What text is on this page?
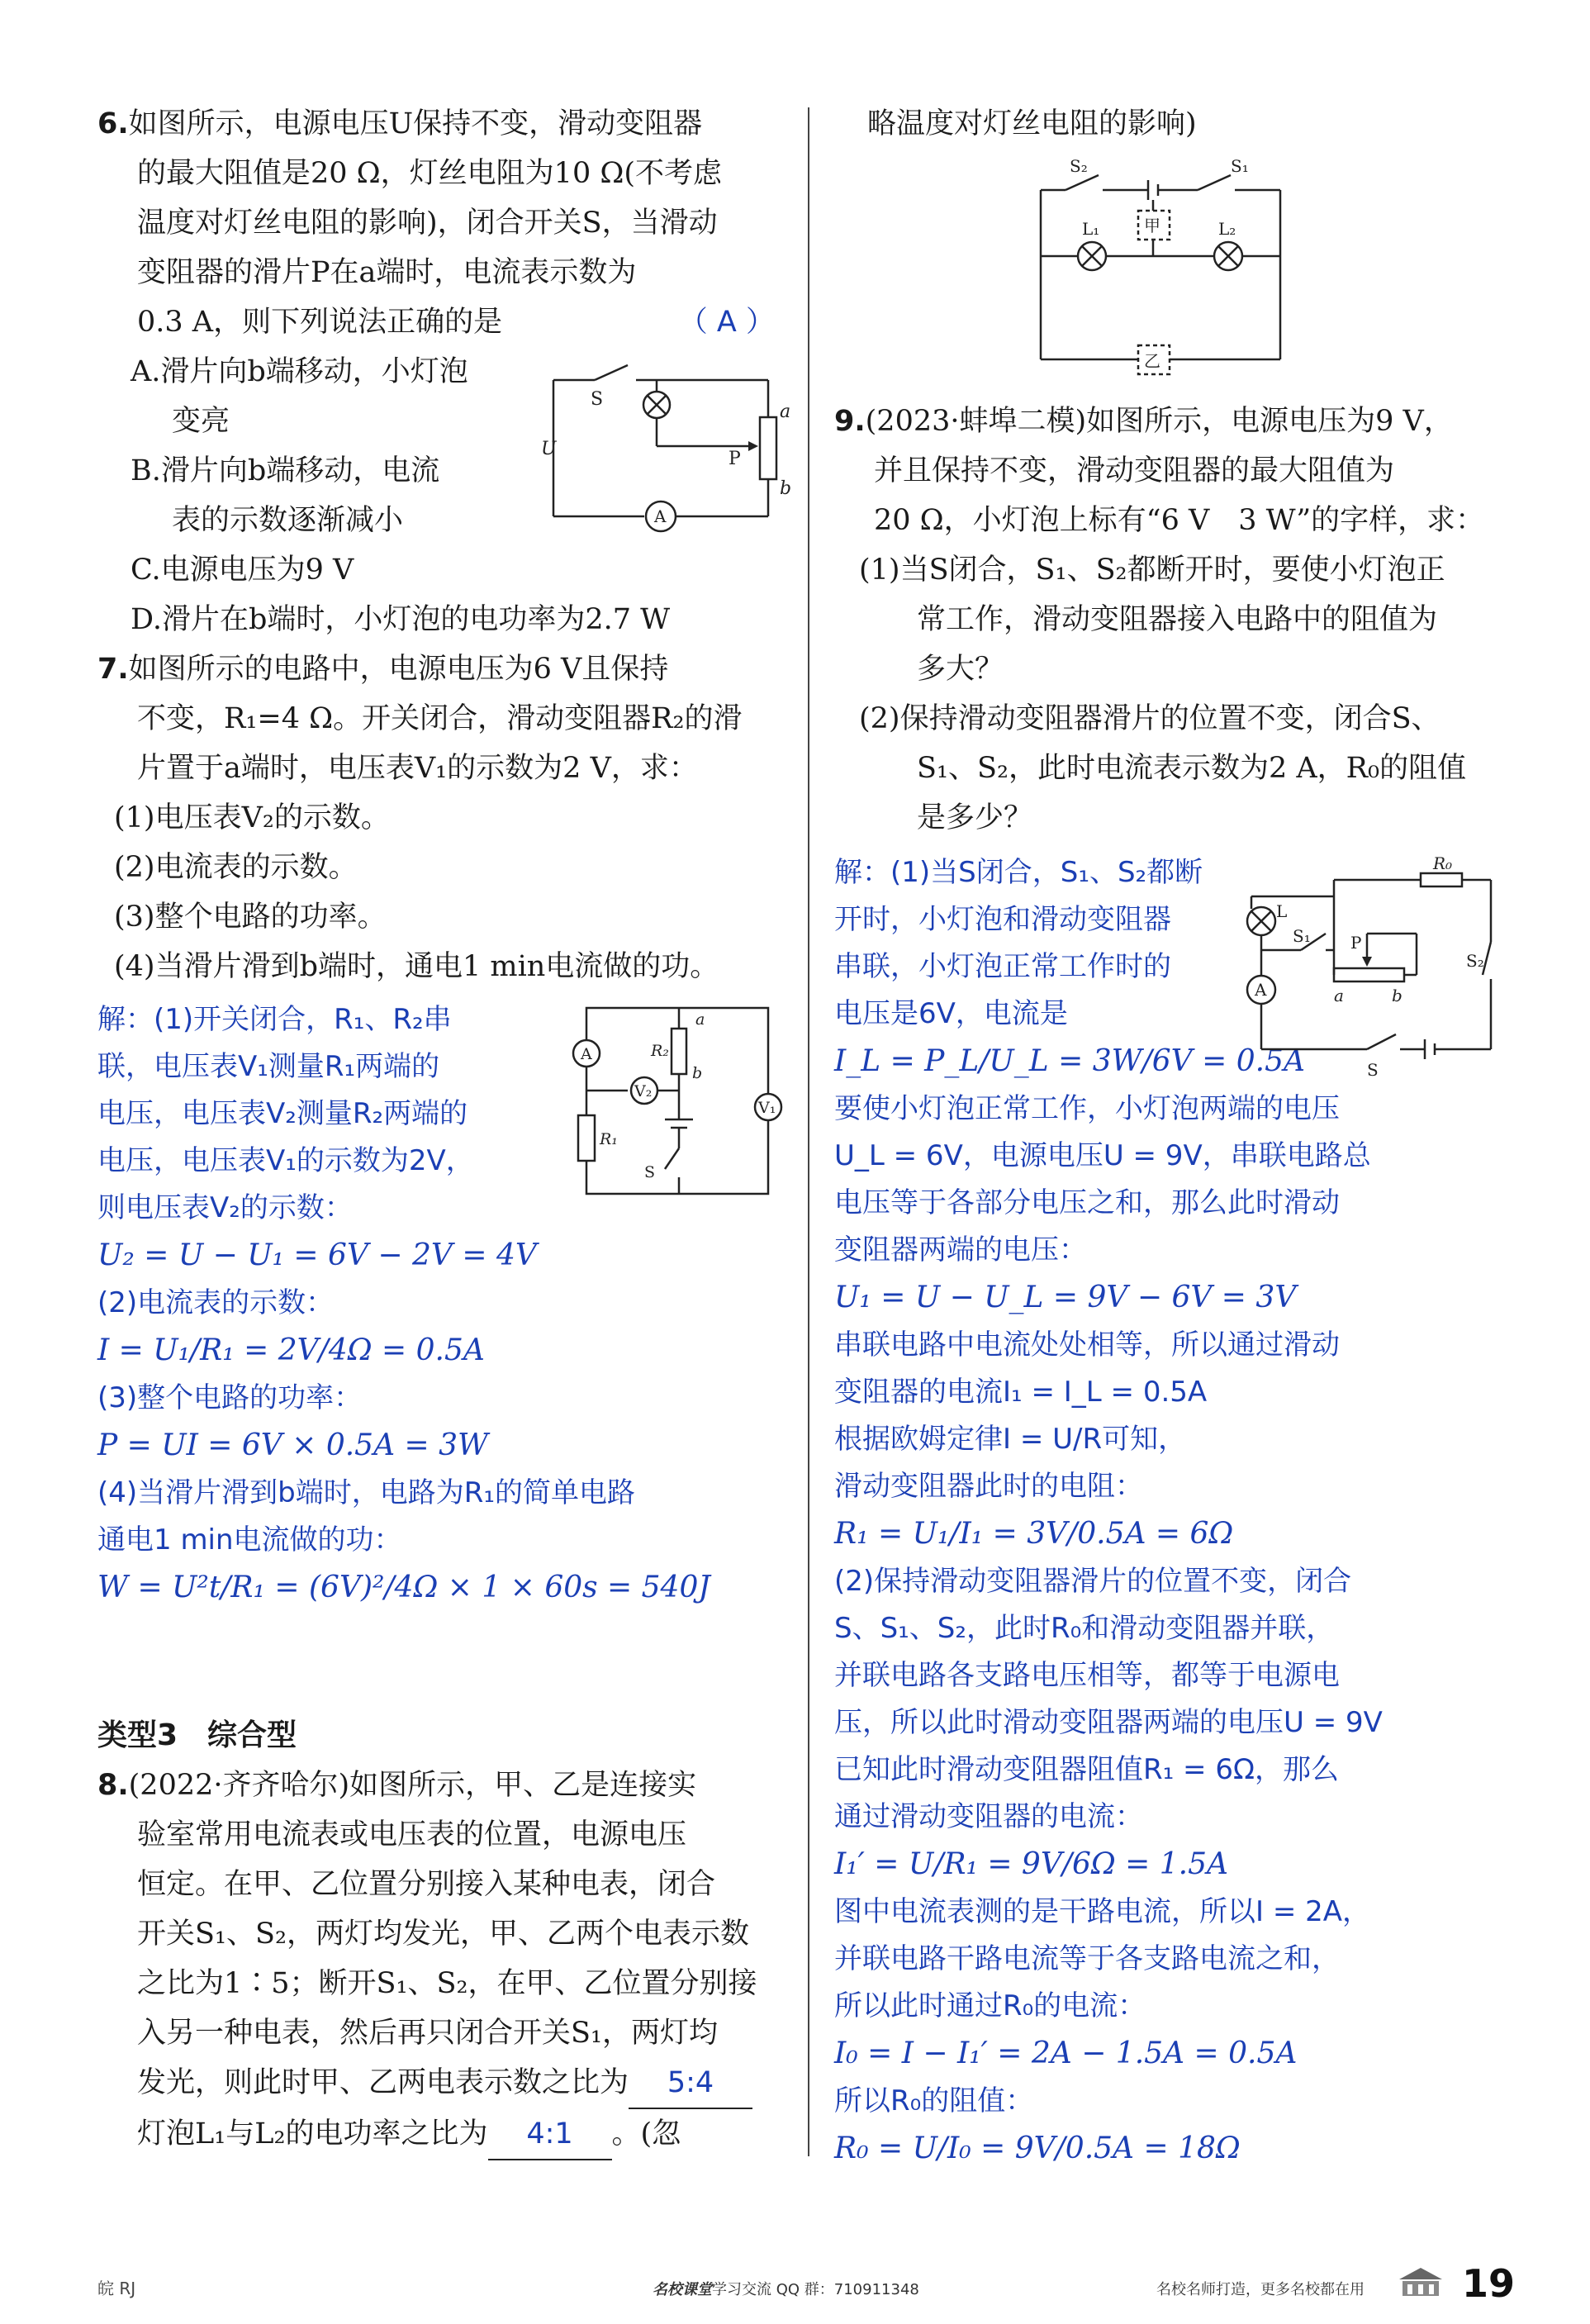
6.如图所示，电源电压U保持不变，滑动变阻器

的最大阻值是20 Ω，灯丝电阻为10 Ω(不考虑

温度对灯丝电阻的影响)，闭合开关S，当滑动

变阻器的滑片P在a端时，电流表示数为

0.3 A，则下列说法正确的是	（ A ）

A.滑片向b端移动，小灯泡

变亮

B.滑片向b端移动，电流

表的示数逐渐减小

C.电源电压为9 V

D.滑片在b端时，小灯泡的电功率为2.7 W

7.如图所示的电路中，电源电压为6 V且保持

不变，R₁=4 Ω。开关闭合，滑动变阻器R₂的滑

片置于a端时，电压表V₁的示数为2 V，求：

(1)电压表V₂的示数。

(2)电流表的示数。

(3)整个电路的功率。

(4)当滑片滑到b端时，通电1 min电流做的功。

解：(1)开关闭合，R₁、R₂串

联，电压表V₁测量R₁两端的

电压，电压表V₂测量R₂两端的

电压，电压表V₁的示数为2V，

则电压表V₂的示数：

U₂ = U − U₁ = 6V − 2V = 4V

(2)电流表的示数：

I = U₁/R₁ = 2V/4Ω = 0.5A

(3)整个电路的功率：

P = UI = 6V × 0.5A = 3W

(4)当滑片滑到b端时，电路为R₁的简单电路

通电1 min电流做的功：

W = U²t/R₁ = (6V)²/4Ω × 1 × 60s = 540J

类型3　综合型

8.(2022·齐齐哈尔)如图所示，甲、乙是连接实

验室常用电流表或电压表的位置，电源电压

恒定。在甲、乙位置分别接入某种电表，闭合

开关S₁、S₂，两灯均发光，甲、乙两个电表示数

之比为1∶5；断开S₁、S₂，在甲、乙位置分别接

入另一种电表，然后再只闭合开关S₁，两灯均

发光，则此时甲、乙两电表示数之比为 5:4

灯泡L₁与L₂的电功率之比为 4:1 。(忽

略温度对灯丝电阻的影响)

9.(2023·蚌埠二模)如图所示，电源电压为9 V，

并且保持不变，滑动变阻器的最大阻值为

20 Ω，小灯泡上标有“6 V　3 W”的字样，求：

(1)当S闭合，S₁、S₂都断开时，要使小灯泡正

常工作，滑动变阻器接入电路中的阻值为

多大？

(2)保持滑动变阻器滑片的位置不变，闭合S、

S₁、S₂，此时电流表示数为2 A，R₀的阻值

是多少？

解：(1)当S闭合，S₁、S₂都断

开时，小灯泡和滑动变阻器

串联，小灯泡正常工作时的

电压是6V，电流是

I_L = P_L/U_L = 3W/6V = 0.5A

要使小灯泡正常工作，小灯泡两端的电压

U_L = 6V，电源电压U = 9V，串联电路总

电压等于各部分电压之和，那么此时滑动

变阻器两端的电压：

U₁ = U − U_L = 9V − 6V = 3V

串联电路中电流处处相等，所以通过滑动

变阻器的电流I₁ = I_L = 0.5A

根据欧姆定律I = U/R可知，

滑动变阻器此时的电阻：

R₁ = U₁/I₁ = 3V/0.5A = 6Ω

(2)保持滑动变阻器滑片的位置不变，闭合

S、S₁、S₂，此时R₀和滑动变阻器并联，

并联电路各支路电压相等，都等于电源电

压，所以此时滑动变阻器两端的电压U = 9V

已知此时滑动变阻器阻值R₁ = 6Ω，那么

通过滑动变阻器的电流：

I₁′ = U/R₁ = 9V/6Ω = 1.5A

图中电流表测的是干路电流，所以I = 2A，

并联电路干路电流等于各支路电流之和，

所以此时通过R₀的电流：

I₀ = I − I₁′ = 2A − 1.5A = 0.5A

所以R₀的阻值：

R₀ = U/I₀ = 9V/0.5A = 18Ω

S
U
a
P
b
A
A	R₂
a
b
V₂
V₁
R₁
S
S₂	S₁
甲
L₁	L₂
乙
R₀
L
S₂
S₁ P
A	a	b
S
皖 RJ	名校课堂学习交流 QQ 群：710911348	名校名师打造，更多名校都在用	19
